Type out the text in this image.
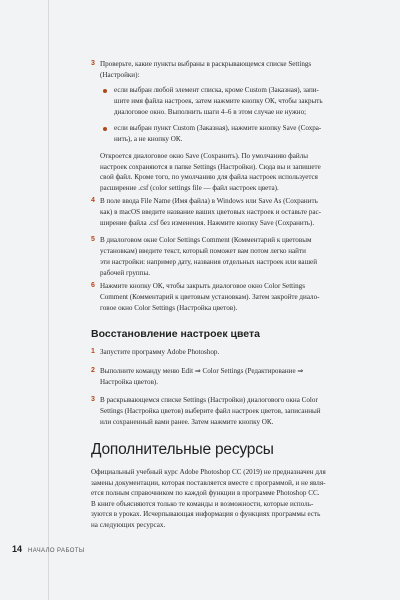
3 Проверьте, какие пункты выбраны в раскрывающемся списке Settings

(Настройки):

если выбран любой элемент списка, кроме Custom (Заказная), запи-

шите имя файла настроек, затем нажмите кнопку ОК, чтобы закрыть

диалоговое окно. Выполнить шаги 4–6 в этом случае не нужно;

если выбран пункт Custom (Заказная), нажмите кнопку Save (Сохра-

нить), а не кнопку ОК.

Откроется диалоговое окно Save (Сохранить). По умолчанию файлы

настроек сохраняются в папке Settings (Настройки). Сюда вы и запишете

свой файл. Кроме того, по умолчанию для файла настроек используется

расширение .csf (color settings file — файл настроек цвета).

4 В поле ввода File Name (Имя файла) в Windows или Save As (Сохранить

как) в macOS введите название ваших цветовых настроек и оставьте рас-

ширение файла .csf без изменения. Нажмите кнопку Save (Сохранить).

5 В диалоговом окне Color Settings Comment (Комментарий к цветовым

установкам) введите текст, который поможет вам потом легко найти

эти настройки: например дату, названия отдельных настроек или вашей

рабочей группы.

6 Нажмите кнопку ОК, чтобы закрыть диалоговое окно Color Settings

Comment (Комментарий к цветовым установкам). Затем закройте диало-

говое окно Color Settings (Настройка цветов).

Восстановление настроек цвета
1 Запустите программу Adobe Photoshop.

2 Выполните команду меню Edit ⇒ Color Settings (Редактирование ⇒

Настройка цветов).

3 В раскрывающемся списке Settings (Настройки) диалогового окна Color

Settings (Настройка цветов) выберите файл настроек цветов, записанный

или сохраненный вами ранее. Затем нажмите кнопку ОК.

Дополнительные ресурсы

Официальный учебный курс Adobe Photoshop CC (2019) не предназначен для

замены документации, которая поставляется вместе с программой, и не явля-

ется полным справочником по каждой функции в программе Photoshop CC.

В книге объясняются только те команды и возможности, которые исполь-

зуются в уроках. Исчерпывающая информация о функциях программы есть

на следующих ресурсах.

14 НАЧАЛО РАБОТЫ
